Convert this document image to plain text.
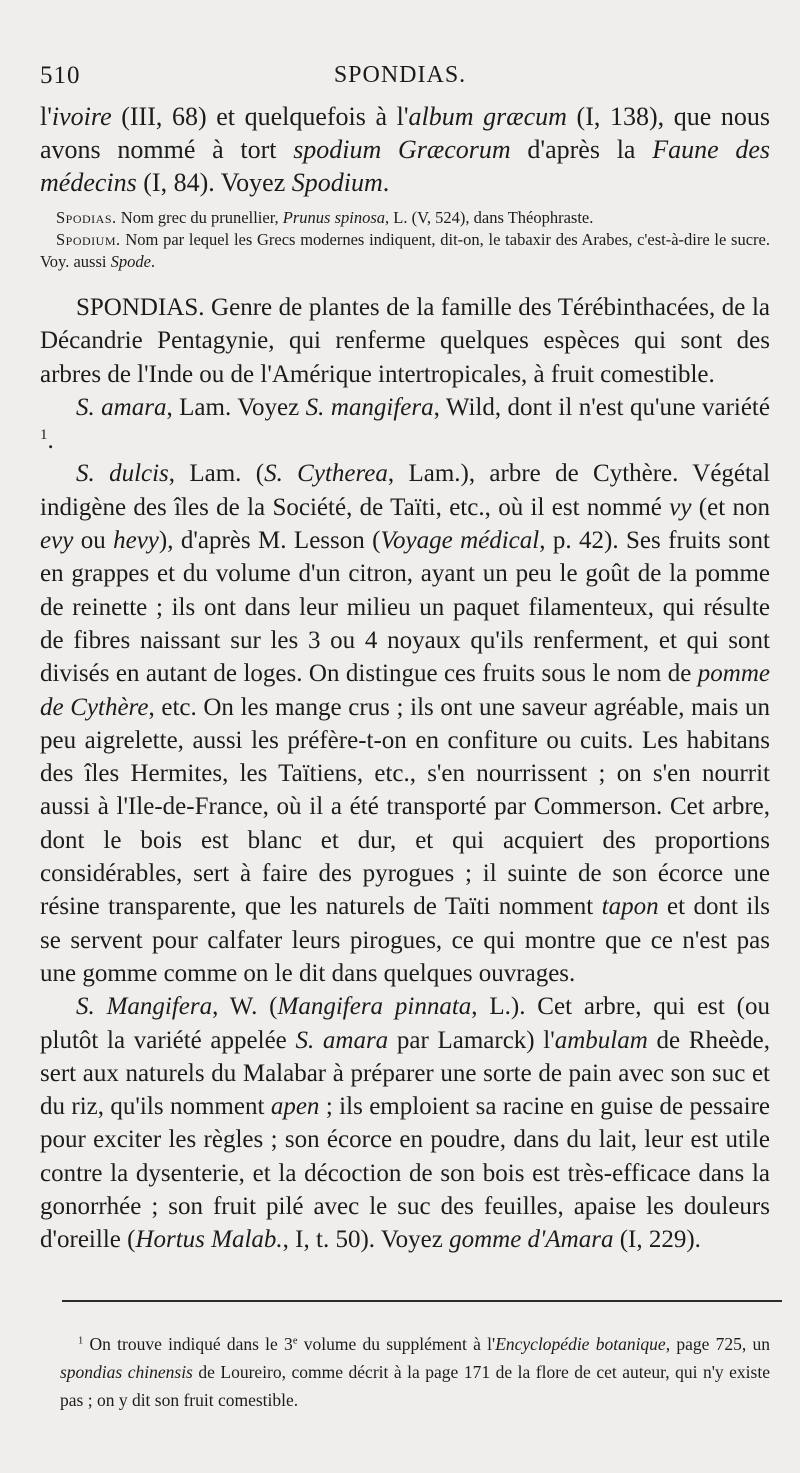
510	SPONDIAS.

l'ivoire (III, 68) et quelquefois à l'album græcum (I, 138), que nous avons nommé à tort spodium Græcorum d'après la Faune des médecins (I, 84). Voyez Spodium.

Spodias. Nom grec du prunellier, Prunus spinosa, L. (V, 524), dans Théophraste.

Spodium. Nom par lequel les Grecs modernes indiquent, dit-on, le tabaxir des Arabes, c'est-à-dire le sucre. Voy. aussi Spode.

SPONDIAS. Genre de plantes de la famille des Térébinthacées, de la Décandrie Pentagynie, qui renferme quelques espèces qui sont des arbres de l'Inde ou de l'Amérique intertropicales, à fruit comestible.

S. amara, Lam. Voyez S. mangifera, Wild, dont il n'est qu'une variété $^1$.

S. dulcis, Lam. (S. Cytherea, Lam.), arbre de Cythère. Végétal indigène des îles de la Société, de Taïti, etc., où il est nommé vy (et non evy ou hevy), d'après M. Lesson (Voyage médical, p. 42). Ses fruits sont en grappes et du volume d'un citron, ayant un peu le goût de la pomme de reinette ; ils ont dans leur milieu un paquet filamenteux, qui résulte de fibres naissant sur les 3 ou 4 noyaux qu'ils renferment, et qui sont divisés en autant de loges. On distingue ces fruits sous le nom de pomme de Cythère, etc. On les mange crus ; ils ont une saveur agréable, mais un peu aigrelette, aussi les préfère-t-on en confiture ou cuits. Les habitans des îles Hermites, les Taïtiens, etc., s'en nourrissent ; on s'en nourrit aussi à l'Ile-de-France, où il a été transporté par Commerson. Cet arbre, dont le bois est blanc et dur, et qui acquiert des proportions considérables, sert à faire des pyrogues ; il suinte de son écorce une résine transparente, que les naturels de Taïti nomment tapon et dont ils se servent pour calfater leurs pirogues, ce qui montre que ce n'est pas une gomme comme on le dit dans quelques ouvrages.

S. Mangifera, W. (Mangifera pinnata, L.). Cet arbre, qui est (ou plutôt la variété appelée S. amara par Lamarck) l'ambulam de Rheède, sert aux naturels du Malabar à préparer une sorte de pain avec son suc et du riz, qu'ils nomment apen ; ils emploient sa racine en guise de pessaire pour exciter les règles ; son écorce en poudre, dans du lait, leur est utile contre la dysenterie, et la décoction de son bois est très-efficace dans la gonorrhée ; son fruit pilé avec le suc des feuilles, apaise les douleurs d'oreille (Hortus Malab., I, t. 50). Voyez gomme d'Amara (I, 229).

$^1$ On trouve indiqué dans le 3e volume du supplément à l'Encyclopédie botanique, page 725, un spondias chinensis de Loureiro, comme décrit à la page 171 de la flore de cet auteur, qui n'y existe pas ; on y dit son fruit comestible.
